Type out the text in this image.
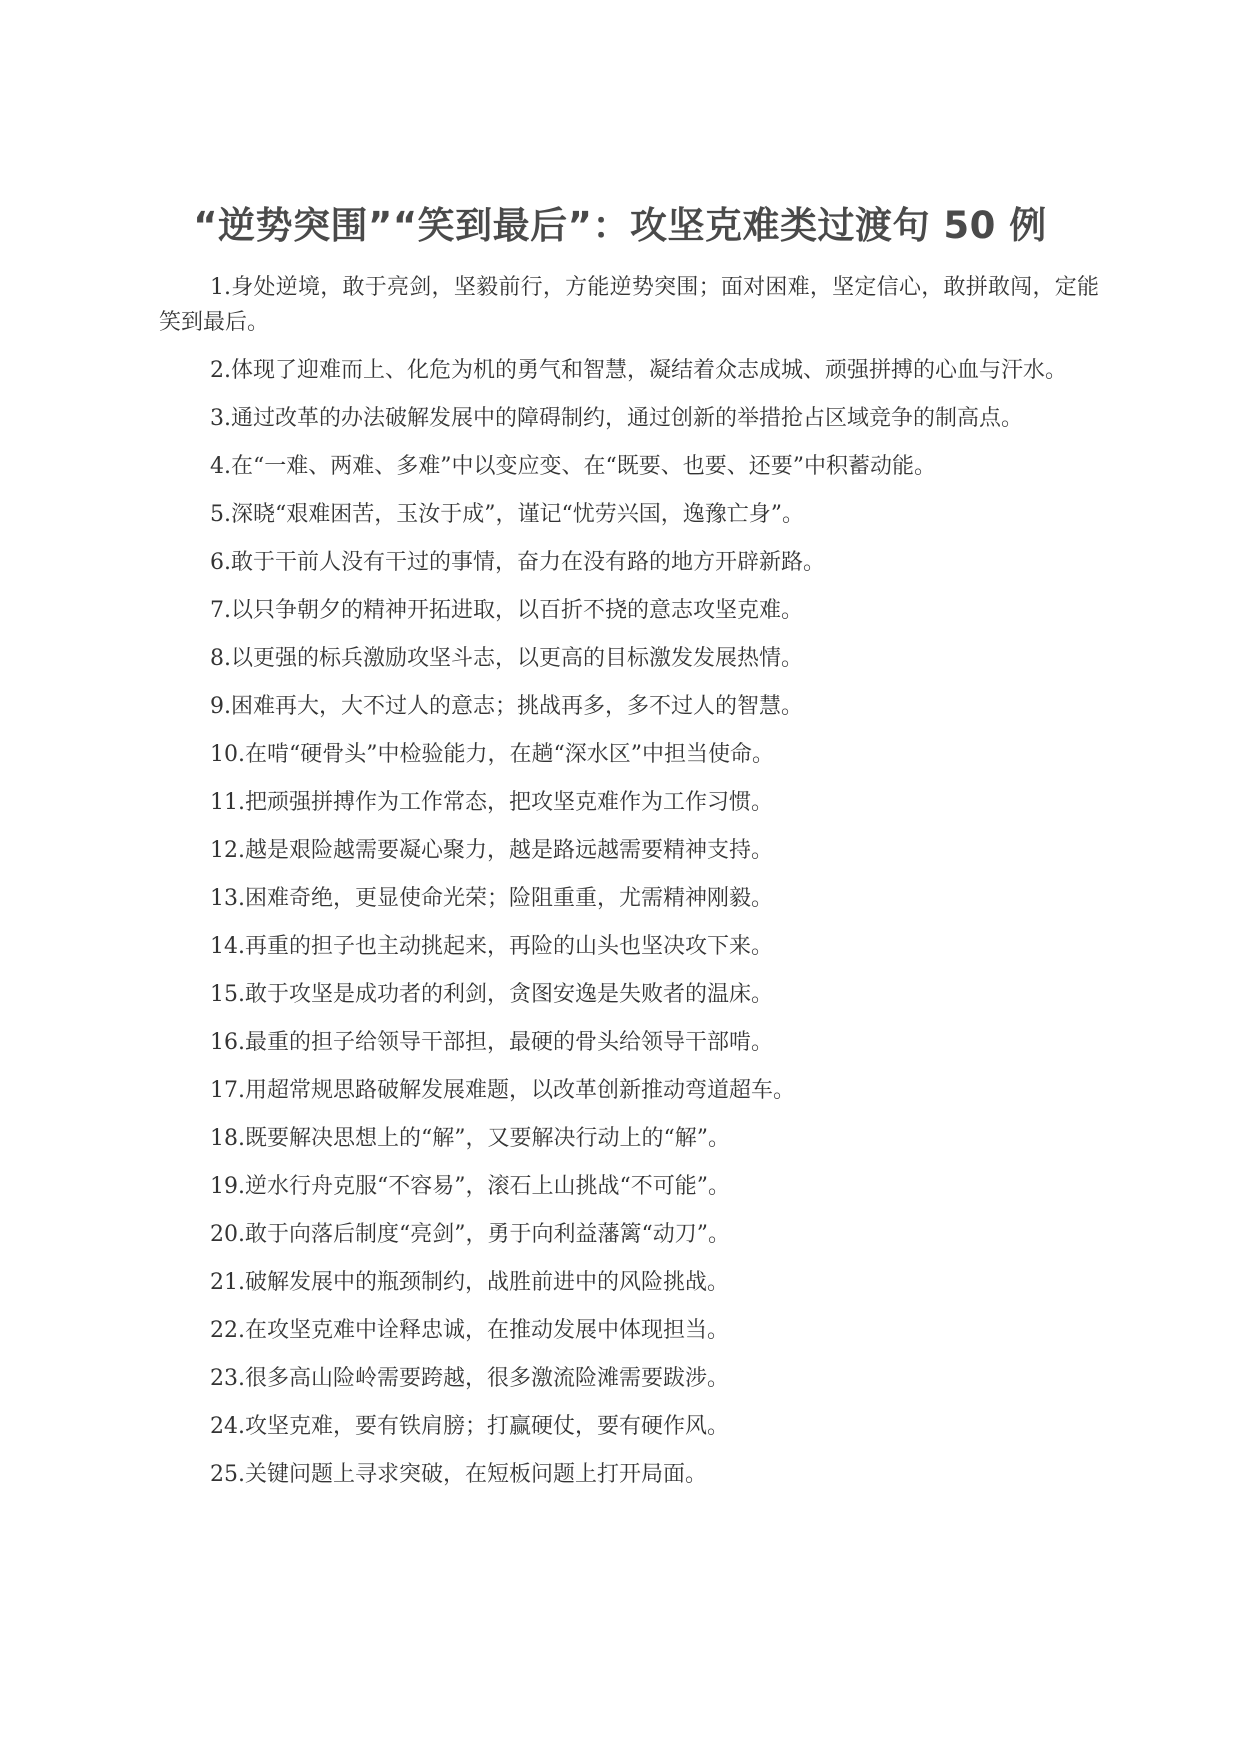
“逆势突围”“笑到最后”：攻坚克难类过渡句 50 例

1.身处逆境，敢于亮剑，坚毅前行，方能逆势突围；面对困难，坚定信心，敢拼敢闯，定能笑到最后。

2.体现了迎难而上、化危为机的勇气和智慧，凝结着众志成城、顽强拼搏的心血与汗水。

3.通过改革的办法破解发展中的障碍制约，通过创新的举措抢占区域竞争的制高点。

4.在“一难、两难、多难”中以变应变、在“既要、也要、还要”中积蓄动能。

5.深晓“艰难困苦，玉汝于成”，谨记“忧劳兴国，逸豫亡身”。

6.敢于干前人没有干过的事情，奋力在没有路的地方开辟新路。

7.以只争朝夕的精神开拓进取，以百折不挠的意志攻坚克难。

8.以更强的标兵激励攻坚斗志，以更高的目标激发发展热情。

9.困难再大，大不过人的意志；挑战再多，多不过人的智慧。

10.在啃“硬骨头”中检验能力，在趟“深水区”中担当使命。

11.把顽强拼搏作为工作常态，把攻坚克难作为工作习惯。

12.越是艰险越需要凝心聚力，越是路远越需要精神支持。

13.困难奇绝，更显使命光荣；险阻重重，尤需精神刚毅。

14.再重的担子也主动挑起来，再险的山头也坚决攻下来。

15.敢于攻坚是成功者的利剑，贪图安逸是失败者的温床。

16.最重的担子给领导干部担，最硬的骨头给领导干部啃。

17.用超常规思路破解发展难题，以改革创新推动弯道超车。

18.既要解决思想上的“解”，又要解决行动上的“解”。

19.逆水行舟克服“不容易”，滚石上山挑战“不可能”。

20.敢于向落后制度“亮剑”，勇于向利益藩篱“动刀”。

21.破解发展中的瓶颈制约，战胜前进中的风险挑战。

22.在攻坚克难中诠释忠诚，在推动发展中体现担当。

23.很多高山险岭需要跨越，很多激流险滩需要跋涉。

24.攻坚克难，要有铁肩膀；打赢硬仗，要有硬作风。

25.关键问题上寻求突破，在短板问题上打开局面。
